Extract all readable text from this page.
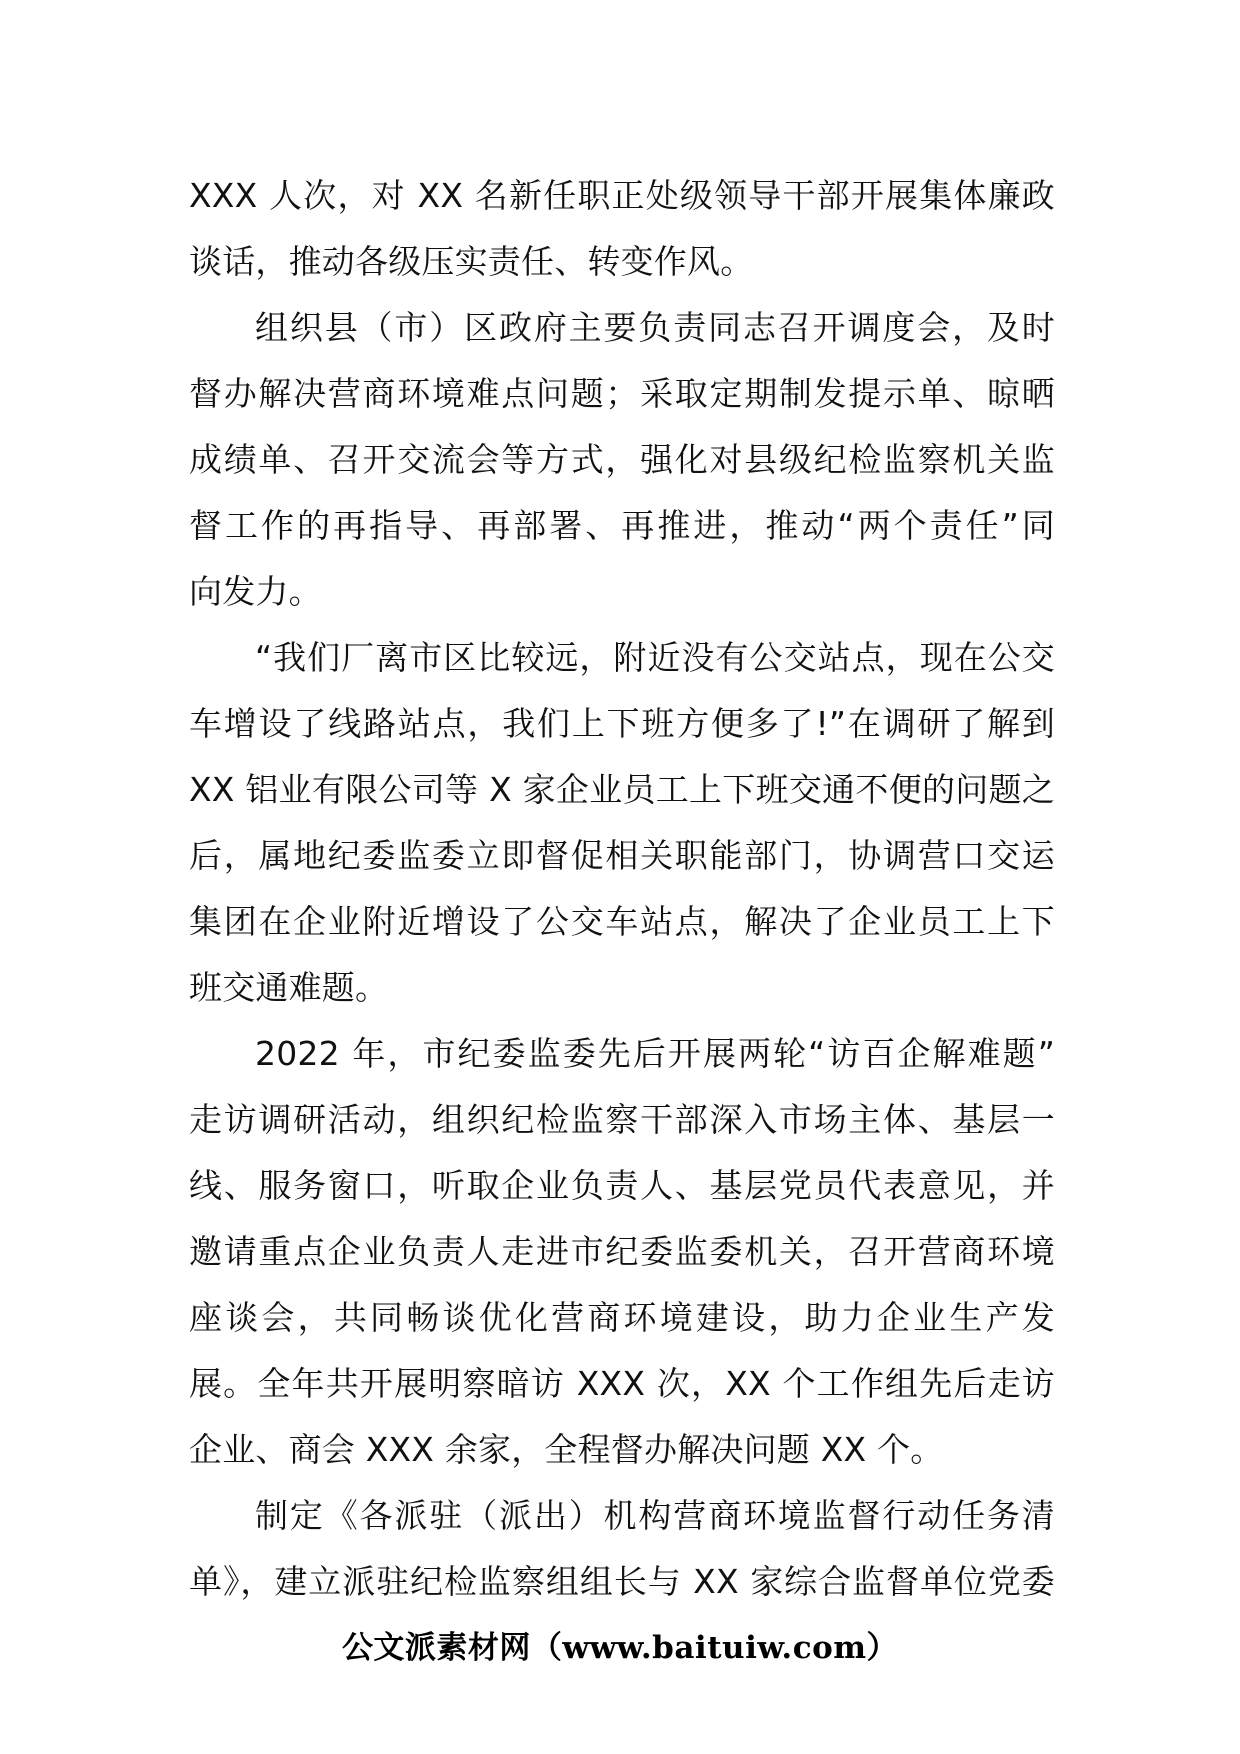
XXX 人次，对 XX 名新任职正处级领导干部开展集体廉政
谈话，推动各级压实责任、转变作风。
组织县（市）区政府主要负责同志召开调度会，及时
督办解决营商环境难点问题；采取定期制发提示单、晾晒
成绩单、召开交流会等方式，强化对县级纪检监察机关监
督工作的再指导、再部署、再推进，推动“两个责任”同
向发力。
“我们厂离市区比较远，附近没有公交站点，现在公交
车增设了线路站点，我们上下班方便多了!”在调研了解到
XX 铝业有限公司等 X 家企业员工上下班交通不便的问题之
后，属地纪委监委立即督促相关职能部门，协调营口交运
集团在企业附近增设了公交车站点，解决了企业员工上下
班交通难题。
2022 年，市纪委监委先后开展两轮“访百企解难题”
走访调研活动，组织纪检监察干部深入市场主体、基层一
线、服务窗口，听取企业负责人、基层党员代表意见，并
邀请重点企业负责人走进市纪委监委机关，召开营商环境
座谈会，共同畅谈优化营商环境建设，助力企业生产发
展。全年共开展明察暗访 XXX 次，XX 个工作组先后走访
企业、商会 XXX 余家，全程督办解决问题 XX 个。
制定《各派驻（派出）机构营商环境监督行动任务清
单》，建立派驻纪检监察组组长与 XX 家综合监督单位党委
公文派素材网（www.baituiw.com）
